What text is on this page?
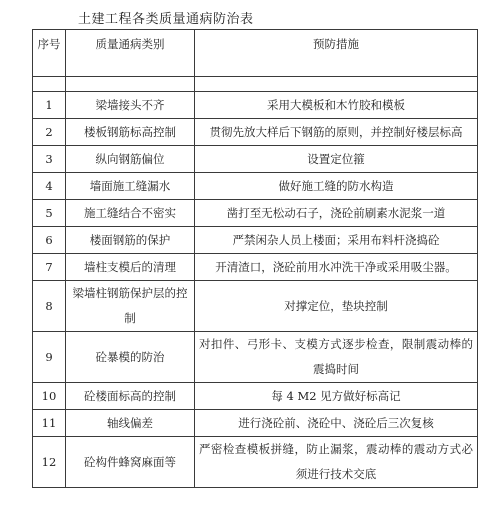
土建工程各类质量通病防治表
序号	质量通病类别	预防措施

1	梁墙接头不齐	采用大模板和木竹胶和模板
2	楼板钢筋标高控制	贯彻先放大样后下钢筋的原则，并控制好楼层标高
3	纵向钢筋偏位	设置定位箍
4	墙面施工缝漏水	做好施工缝的防水构造
5	施工缝结合不密实	凿打至无松动石子，浇砼前刷素水泥浆一道
6	楼面钢筋的保护	严禁闲杂人员上楼面；采用布料杆浇捣砼
7	墙柱支模后的清理	开清渣口，浇砼前用水冲洗干净或采用吸尘器。
8	梁墙柱钢筋保护层的控制	对撑定位，垫块控制
9	砼暴模的防治	对扣件、弓形卡、支模方式逐步检查，限制震动棒的震捣时间
10	砼楼面标高的控制	每 4 M2 见方做好标高记
11	轴线偏差	进行浇砼前、浇砼中、浇砼后三次复核
12	砼构件蜂窝麻面等	严密检查模板拼缝，防止漏浆，震动棒的震动方式必须进行技术交底
